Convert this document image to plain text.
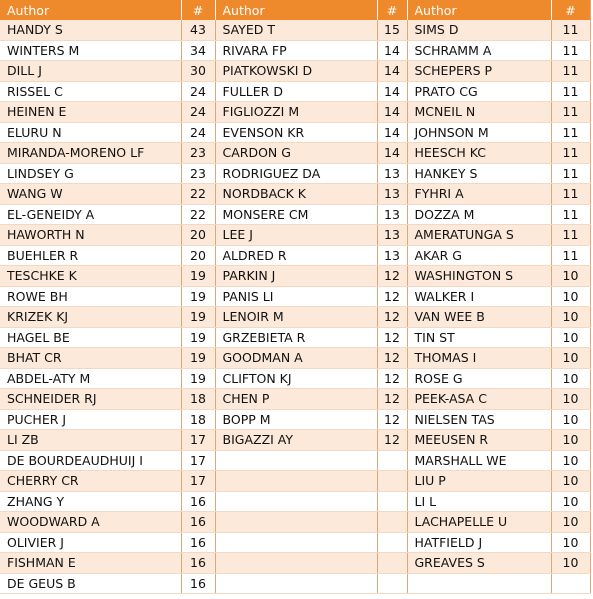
Author	#	Author	#	Author	#
HANDY S	43	SAYED T	15	SIMS D	11
WINTERS M	34	RIVARA FP	14	SCHRAMM A	11
DILL J	30	PIATKOWSKI D	14	SCHEPERS P	11
RISSEL C	24	FULLER D	14	PRATO CG	11
HEINEN E	24	FIGLIOZZI M	14	MCNEIL N	11
ELURU N	24	EVENSON KR	14	JOHNSON M	11
MIRANDA-MORENO LF	23	CARDON G	14	HEESCH KC	11
LINDSEY G	23	RODRIGUEZ DA	13	HANKEY S	11
WANG W	22	NORDBACK K	13	FYHRI A	11
EL-GENEIDY A	22	MONSERE CM	13	DOZZA M	11
HAWORTH N	20	LEE J	13	AMERATUNGA S	11
BUEHLER R	20	ALDRED R	13	AKAR G	11
TESCHKE K	19	PARKIN J	12	WASHINGTON S	10
ROWE BH	19	PANIS LI	12	WALKER I	10
KRIZEK KJ	19	LENOIR M	12	VAN WEE B	10
HAGEL BE	19	GRZEBIETA R	12	TIN ST	10
BHAT CR	19	GOODMAN A	12	THOMAS I	10
ABDEL-ATY M	19	CLIFTON KJ	12	ROSE G	10
SCHNEIDER RJ	18	CHEN P	12	PEEK-ASA C	10
PUCHER J	18	BOPP M	12	NIELSEN TAS	10
LI ZB	17	BIGAZZI AY	12	MEEUSEN R	10
DE BOURDEAUDHUIJ I	17			MARSHALL WE	10
CHERRY CR	17			LIU P	10
ZHANG Y	16			LI L	10
WOODWARD A	16			LACHAPELLE U	10
OLIVIER J	16			HATFIELD J	10
FISHMAN E	16			GREAVES S	10
DE GEUS B	16				
